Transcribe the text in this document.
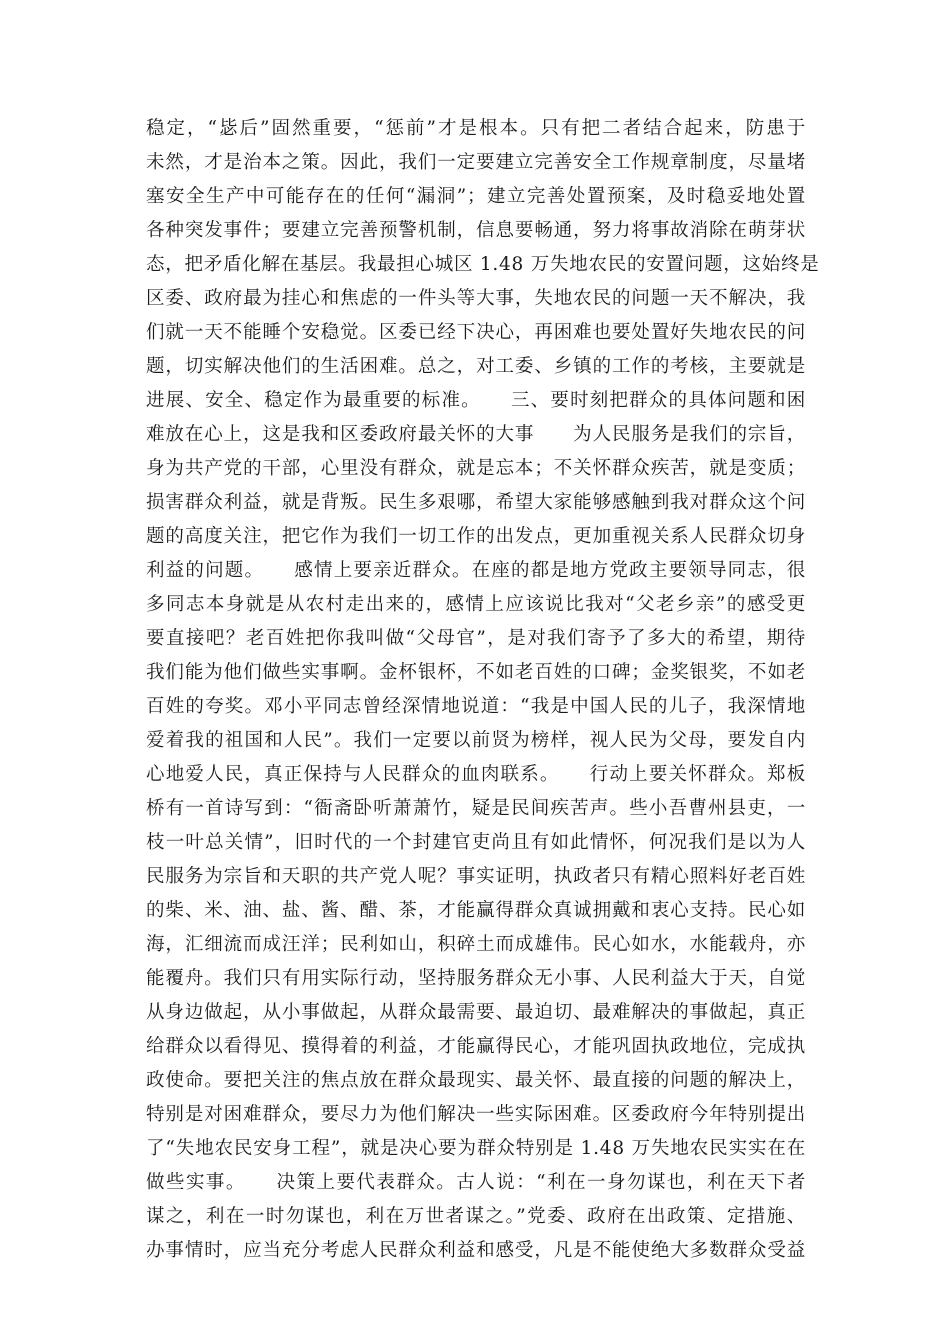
稳定，“毖后”固然重要，“惩前”才是根本。只有把二者结合起来，防患于
未然，才是治本之策。因此，我们一定要建立完善安全工作规章制度，尽量堵
塞安全生产中可能存在的任何“漏洞”；建立完善处置预案，及时稳妥地处置
各种突发事件；要建立完善预警机制，信息要畅通，努力将事故消除在萌芽状
态，把矛盾化解在基层。我最担心城区 1.48 万失地农民的安置问题，这始终是
区委、政府最为挂心和焦虑的一件头等大事，失地农民的问题一天不解决，我
们就一天不能睡个安稳觉。区委已经下决心，再困难也要处置好失地农民的问
题，切实解决他们的生活困难。总之，对工委、乡镇的工作的考核，主要就是
进展、安全、稳定作为最重要的标准。　　三、要时刻把群众的具体问题和困
难放在心上，这是我和区委政府最关怀的大事　　为人民服务是我们的宗旨，
身为共产党的干部，心里没有群众，就是忘本；不关怀群众疾苦，就是变质；
损害群众利益，就是背叛。民生多艰哪，希望大家能够感触到我对群众这个问
题的高度关注，把它作为我们一切工作的出发点，更加重视关系人民群众切身
利益的问题。　　感情上要亲近群众。在座的都是地方党政主要领导同志，很
多同志本身就是从农村走出来的，感情上应该说比我对“父老乡亲”的感受更
要直接吧？老百姓把你我叫做“父母官”，是对我们寄予了多大的希望，期待
我们能为他们做些实事啊。金杯银杯，不如老百姓的口碑；金奖银奖，不如老
百姓的夸奖。邓小平同志曾经深情地说道：“我是中国人民的儿子，我深情地
爱着我的祖国和人民”。我们一定要以前贤为榜样，视人民为父母，要发自内
心地爱人民，真正保持与人民群众的血肉联系。　　行动上要关怀群众。郑板
桥有一首诗写到：“衙斋卧听萧萧竹，疑是民间疾苦声。些小吾曹州县吏，一
枝一叶总关情”，旧时代的一个封建官吏尚且有如此情怀，何况我们是以为人
民服务为宗旨和天职的共产党人呢？事实证明，执政者只有精心照料好老百姓
的柴、米、油、盐、酱、醋、茶，才能赢得群众真诚拥戴和衷心支持。民心如
海，汇细流而成汪洋；民利如山，积碎土而成雄伟。民心如水，水能载舟，亦
能覆舟。我们只有用实际行动，坚持服务群众无小事、人民利益大于天，自觉
从身边做起，从小事做起，从群众最需要、最迫切、最难解决的事做起，真正
给群众以看得见、摸得着的利益，才能赢得民心，才能巩固执政地位，完成执
政使命。要把关注的焦点放在群众最现实、最关怀、最直接的问题的解决上，
特别是对困难群众，要尽力为他们解决一些实际困难。区委政府今年特别提出
了“失地农民安身工程”，就是决心要为群众特别是 1.48 万失地农民实实在在
做些实事。　　决策上要代表群众。古人说：“利在一身勿谋也，利在天下者
谋之，利在一时勿谋也，利在万世者谋之。”党委、政府在出政策、定措施、
办事情时，应当充分考虑人民群众利益和感受，凡是不能使绝大多数群众受益
